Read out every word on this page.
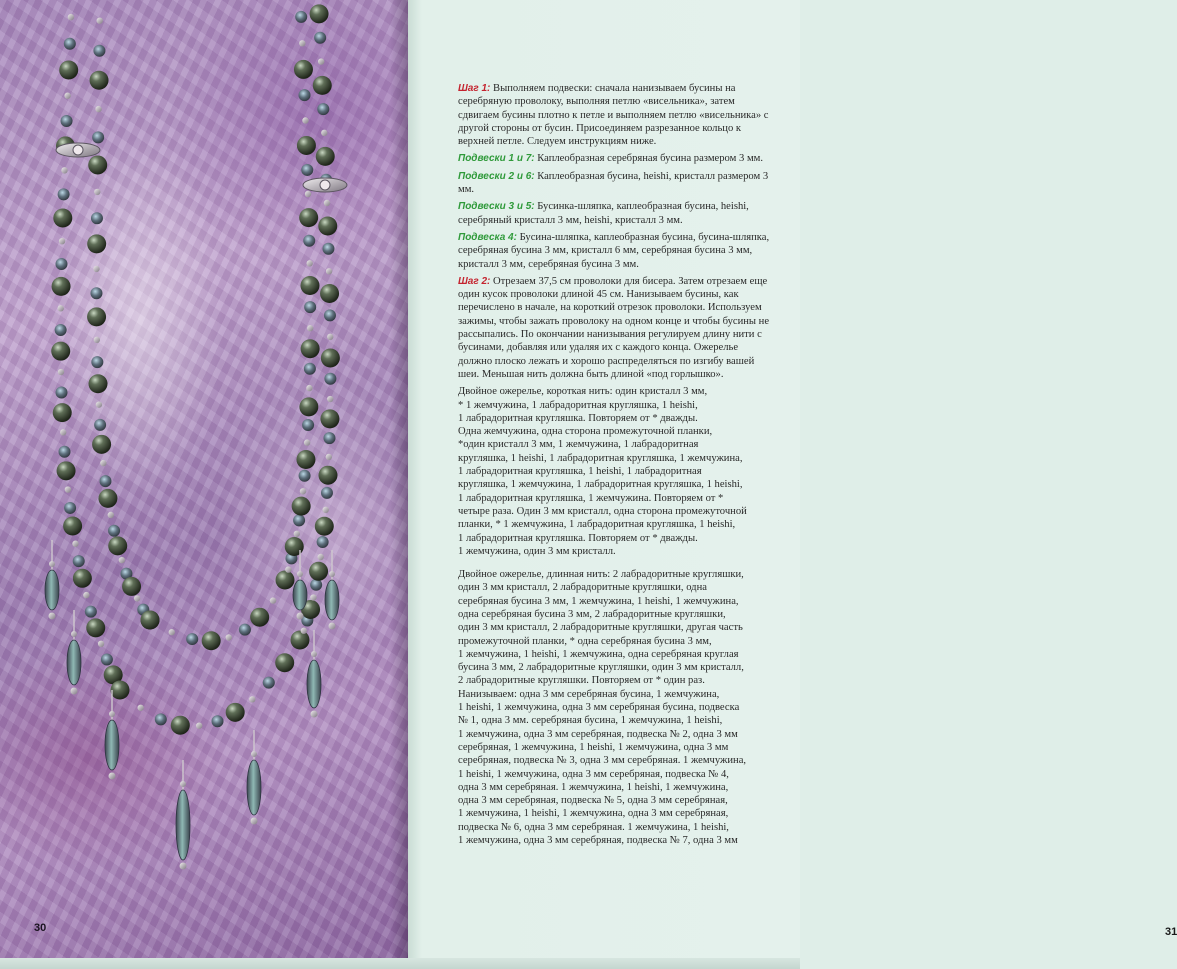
30

Шаг 1: Выполняем подвески: сначала нанизываем бусины на серебряную проволоку, выполняя петлю «висельника», затем сдвигаем бусины плотно к петле и выполняем петлю «висельника» с другой стороны от бусин. Присоединяем разрезанное кольцо к верхней петле. Следуем инструкциям ниже.

Подвески 1 и 7: Каплеобразная серебряная бусина размером 3 мм.

Подвески 2 и 6: Каплеобразная бусина, heishi, кристалл размером 3 мм.

Подвески 3 и 5: Бусинка-шляпка, каплеобразная бусина, heishi, серебряный кристалл 3 мм, heishi, кристалл 3 мм.

Подвеска 4: Бусина-шляпка, каплеобразная бусина, бусина-шляпка, серебряная бусина 3 мм, кристалл 6 мм, серебряная бусина 3 мм, кристалл 3 мм, серебряная бусина 3 мм.

Шаг 2: Отрезаем 37,5 см проволоки для бисера. Затем отрезаем еще один кусок проволоки длиной 45 см. Нанизываем бусины, как перечислено в начале, на короткий отрезок проволоки. Используем зажимы, чтобы зажать проволоку на одном конце и чтобы бусины не рассыпались. По окончании нанизывания регулируем длину нити с бусинами, добавляя или удаляя их с каждого конца. Ожерелье должно плоско лежать и хорошо распределяться по изгибу вашей шеи. Меньшая нить должна быть длиной «под горлышко».

Двойное ожерелье, короткая нить: один кристалл 3 мм,
* 1 жемчужина, 1 лабрадоритная кругляшка, 1 heishi,
1 лабрадоритная кругляшка. Повторяем от * дважды.
Одна жемчужина, одна сторона промежуточной планки,
*один кристалл 3 мм, 1 жемчужина, 1 лабрадоритная
кругляшка, 1 heishi, 1 лабрадоритная кругляшка, 1 жемчужина,
1 лабрадоритная кругляшка, 1 heishi, 1 лабрадоритная
кругляшка, 1 жемчужина, 1 лабрадоритная кругляшка, 1 heishi,
1 лабрадоритная кругляшка, 1 жемчужина. Повторяем от *
четыре раза. Один 3 мм кристалл, одна сторона промежуточной
планки, * 1 жемчужина, 1 лабрадоритная кругляшка, 1 heishi,
1 лабрадоритная кругляшка. Повторяем от * дважды.
1 жемчужина, один 3 мм кристалл.

Двойное ожерелье, длинная нить: 2 лабрадоритные кругляшки,
один 3 мм кристалл, 2 лабрадоритные кругляшки, одна
серебряная бусина 3 мм, 1 жемчужина, 1 heishi, 1 жемчужина,
одна серебряная бусина 3 мм, 2 лабрадоритные кругляшки,
один 3 мм кристалл, 2 лабрадоритные кругляшки, другая часть
промежуточной планки, * одна серебряная бусина 3 мм,
1 жемчужина, 1 heishi, 1 жемчужина, одна серебряная круглая
бусина 3 мм, 2 лабрадоритные кругляшки, один 3 мм кристалл,
2 лабрадоритные кругляшки. Повторяем от * один раз.
Нанизываем: одна 3 мм серебряная бусина, 1 жемчужина,
1 heishi, 1 жемчужина, одна 3 мм серебряная бусина, подвеска
№ 1, одна 3 мм. серебряная бусина, 1 жемчужина, 1 heishi,
1 жемчужина, одна 3 мм серебряная, подвеска № 2, одна 3 мм
серебряная, 1 жемчужина, 1 heishi, 1 жемчужина, одна 3 мм
серебряная, подвеска № 3, одна 3 мм серебряная. 1 жемчужина,
1 heishi, 1 жемчужина, одна 3 мм серебряная, подвеска № 4,
одна 3 мм серебряная. 1 жемчужина, 1 heishi, 1 жемчужина,
одна 3 мм серебряная, подвеска № 5, одна 3 мм серебряная,
1 жемчужина, 1 heishi, 1 жемчужина, одна 3 мм серебряная,
подвеска № 6, одна 3 мм серебряная. 1 жемчужина, 1 heishi,
1 жемчужина, одна 3 мм серебряная, подвеска № 7, одна 3 мм

31
